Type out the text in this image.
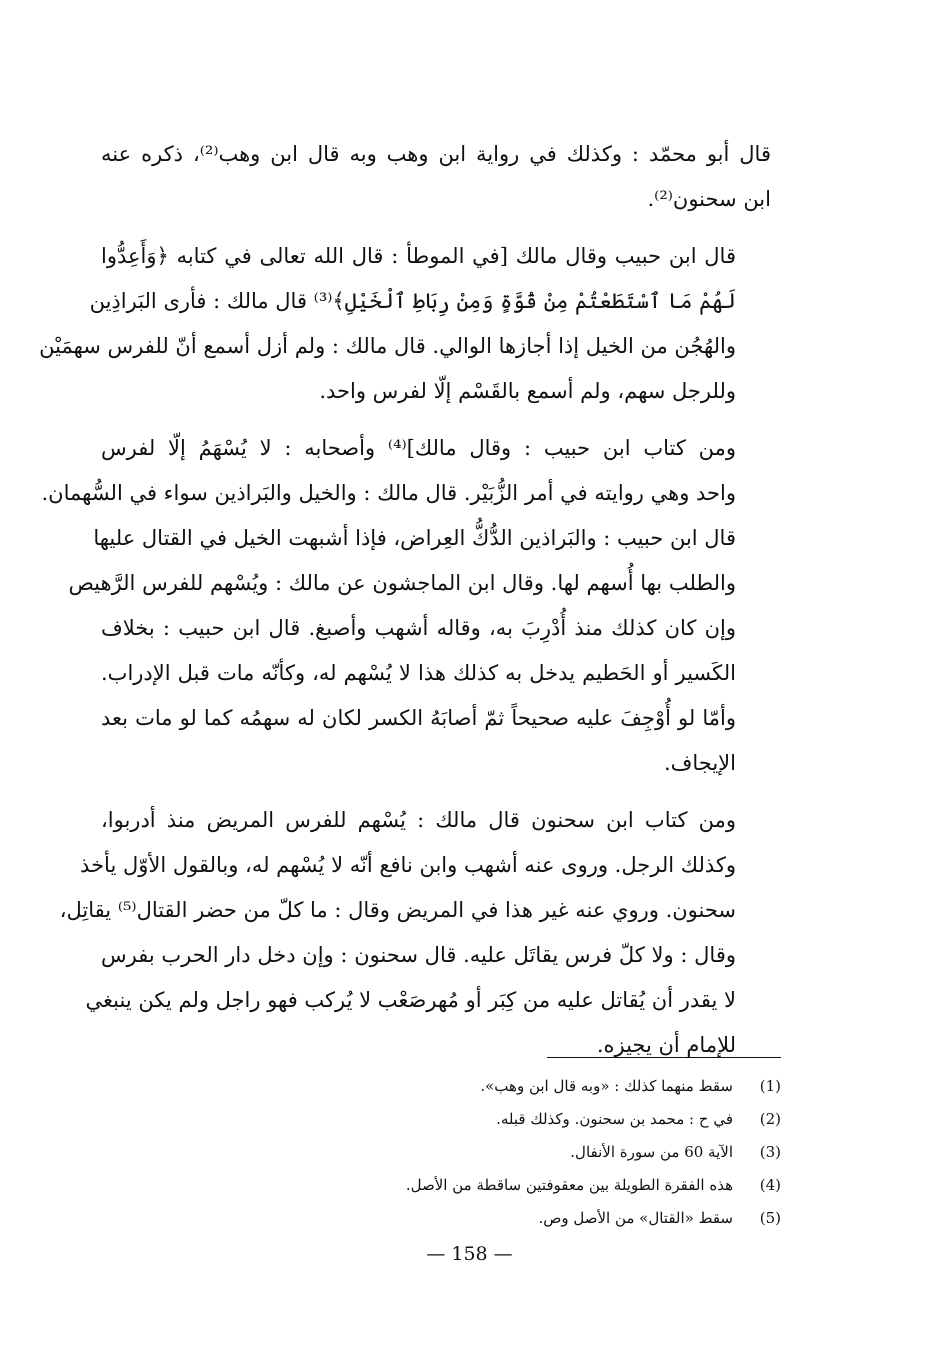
قال أبو محمّد : وكذلك في رواية ابن وهب وبه قال ابن وهب⁽²⁾، ذكره عنه
ابن سحنون⁽²⁾.

قال ابن حبيب وقال مالك [في الموطأ : قال الله تعالى في كتابه ﴿وَأَعِدُّوا
لَهُمْ مَا ٱسْتَطَعْتُمْ مِنْ قُوَّةٍ وَمِنْ رِبَاطِ ٱلْخَيْلِ﴾⁽³⁾ قال مالك : فأرى البَراذِين
والهُجُن من الخيل إذا أجازها الوالي. قال مالك : ولم أزل أسمع أنّ للفرس سهمَيْن
وللرجل سهم، ولم أسمع بالقَسْم إلّا لفرس واحد.

ومن كتاب ابن حبيب : وقال مالك]⁽⁴⁾ وأصحابه : لا يُسْهَمُ إلّا لفرس
واحد وهي روايته في أمر الزُّبَيْر. قال مالك : والخيل والبَراذين سواء في السُّهمان.
قال ابن حبيب : والبَراذين الدُّكُّ العِراض، فإذا أشبهت الخيل في القتال عليها
والطلب بها أُسهم لها. وقال ابن الماجشون عن مالك : ويُسْهم للفرس الرَّهيص
وإن كان كذلك منذ أُدْرِبَ به، وقاله أشهب وأصبغ. قال ابن حبيب : بخلاف
الكَسير أو الحَطيم يدخل به كذلك هذا لا يُسْهم له، وكأنّه مات قبل الإدراب.
وأمّا لو أُوْجِفَ عليه صحيحاً ثمّ أصابَهُ الكسر لكان له سهمُه كما لو مات بعد
الإيجاف.

ومن كتاب ابن سحنون قال مالك : يُسْهم للفرس المريض منذ أدربوا،
وكذلك الرجل. وروى عنه أشهب وابن نافع أنّه لا يُسْهم له، وبالقول الأوّل يأخذ
سحنون. وروي عنه غير هذا في المريض وقال : ما كلّ من حضر القتال⁽⁵⁾ يقاتِل،
وقال : ولا كلّ فرس يقاتَل عليه. قال سحنون : وإن دخل دار الحرب بفرس
لا يقدر أن يُقاتل عليه من كِبَر أو مُهرصَعْب لا يُركب فهو راجل ولم يكن ينبغي
للإمام أن يجيزه.

(1)
سقط منهما كذلك : «وبه قال ابن وهب».
(2)
في ح : محمد بن سحنون. وكذلك قبله.
(3)
الآية 60 من سورة الأنفال.
(4)
هذه الفقرة الطويلة بين معقوفتين ساقطة من الأصل.
(5)
سقط «القتال» من الأصل وص.
— 158 —
